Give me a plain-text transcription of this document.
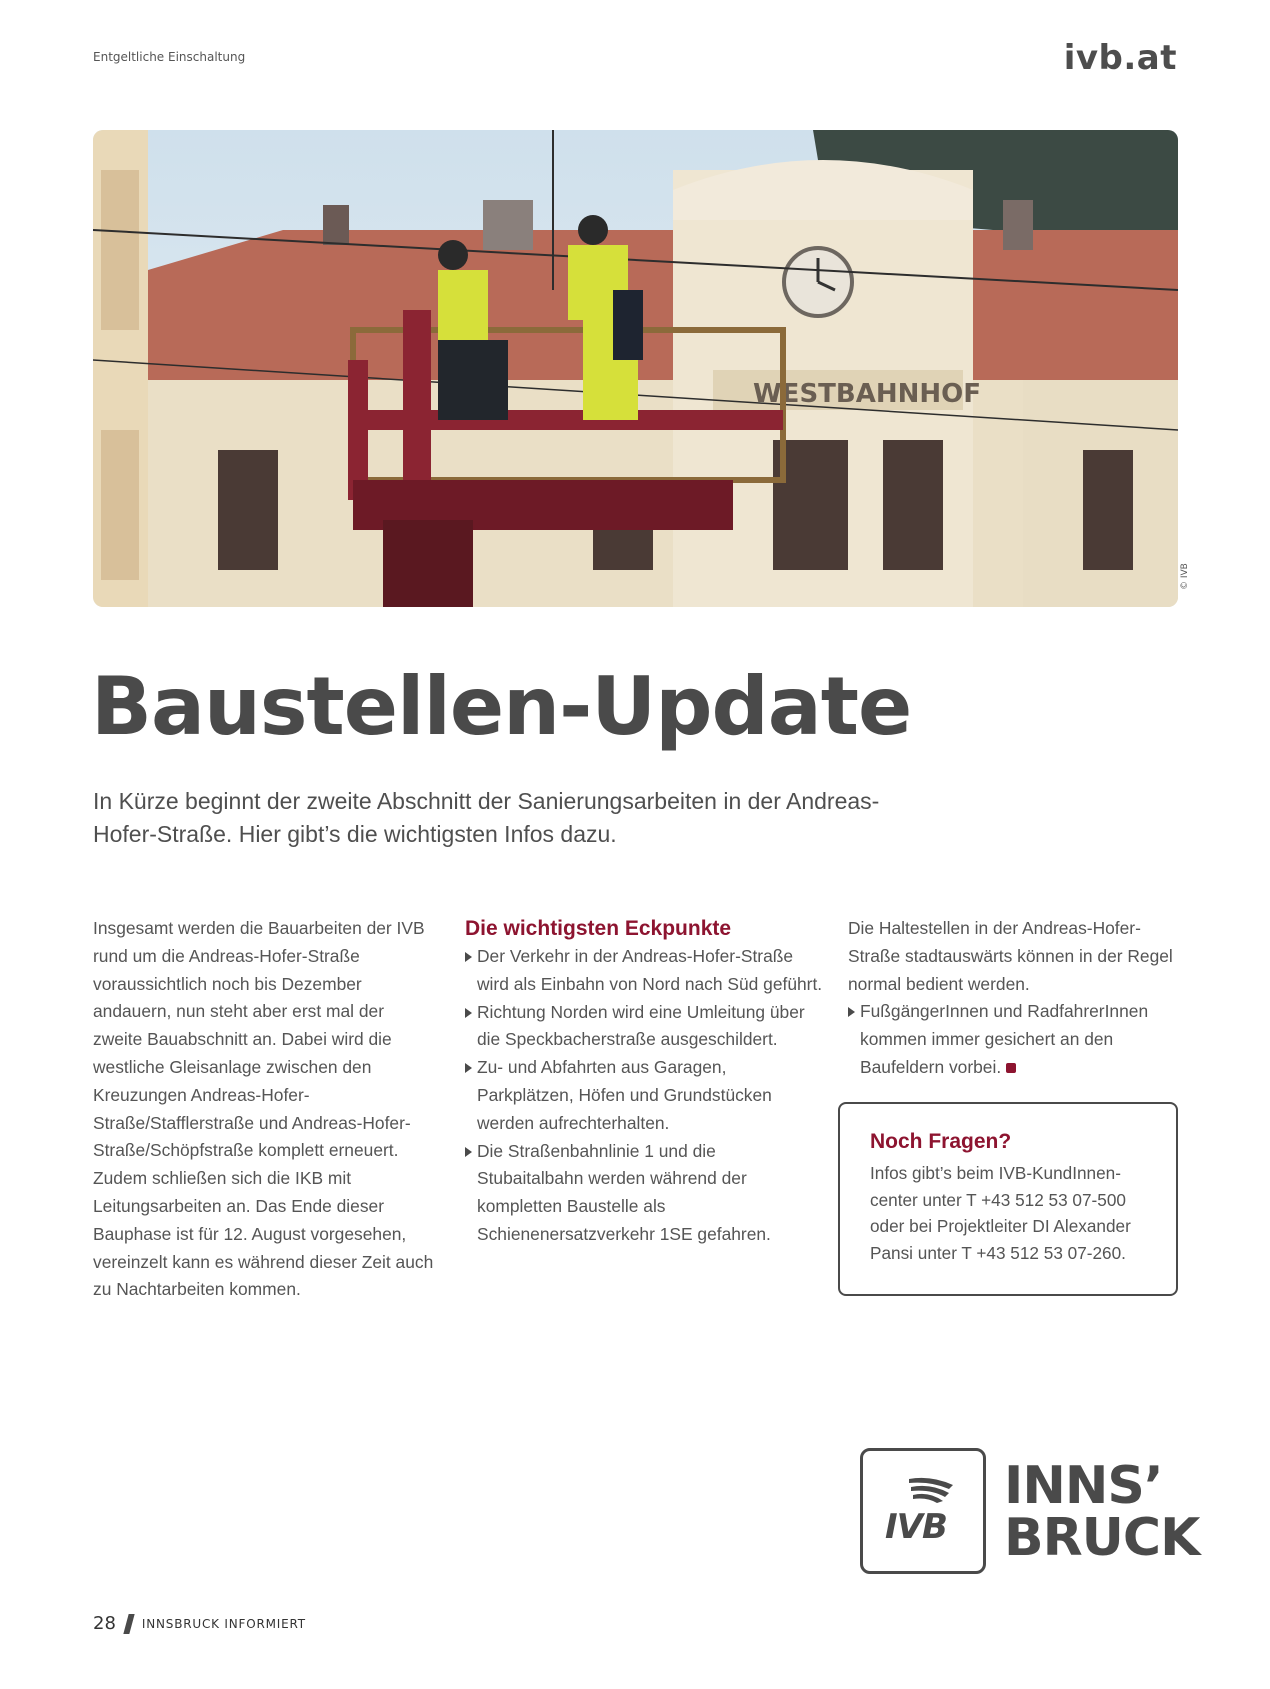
Entgeltliche Einschaltung	ivb.at
WESTBAHNHOF
© IVB
Baustellen-Update

In Kürze beginnt der zweite Abschnitt der Sanierungsarbeiten in der Andreas-Hofer-Straße. Hier gibt’s die wichtigsten Infos dazu.

Insgesamt werden die Bauarbeiten der IVB rund um die Andreas-Hofer-Straße voraussichtlich noch bis Dezember andauern, nun steht aber erst mal der zweite Bauabschnitt an. Dabei wird die westliche Gleisanlage zwischen den Kreuzungen Andreas-Hofer-Straße/Stafflerstraße und Andreas-Hofer-Straße/Schöpfstraße komplett erneuert. Zudem schließen sich die IKB mit Leitungsarbeiten an. Das Ende dieser Bauphase ist für 12. August vorgesehen, vereinzelt kann es während dieser Zeit auch zu Nachtarbeiten kommen.

Die wichtigsten Eckpunkte
Der Verkehr in der Andreas-Hofer-Straße wird als Einbahn von Nord nach Süd geführt.
Richtung Norden wird eine Umleitung über die Speckbacherstraße ausgeschildert.
Zu- und Abfahrten aus Garagen, Parkplätzen, Höfen und Grundstücken werden aufrechterhalten.
Die Straßenbahnlinie 1 und die Stubaitalbahn werden während der kompletten Baustelle als Schienenersatzverkehr 1SE gefahren.

Die Haltestellen in der Andreas-Hofer-Straße stadtauswärts können in der Regel normal bedient werden.

FußgängerInnen und RadfahrerInnen kommen immer gesichert an den Baufeldern vorbei.
Noch Fragen?

Infos gibt’s beim IVB-KundInnen-center unter T +43 512 53 07-500 oder bei Projektleiter DI Alexander Pansi unter T +43 512 53 07-260.

IVB
INNS’
BRUCK
28 INNSBRUCK INFORMIERT
